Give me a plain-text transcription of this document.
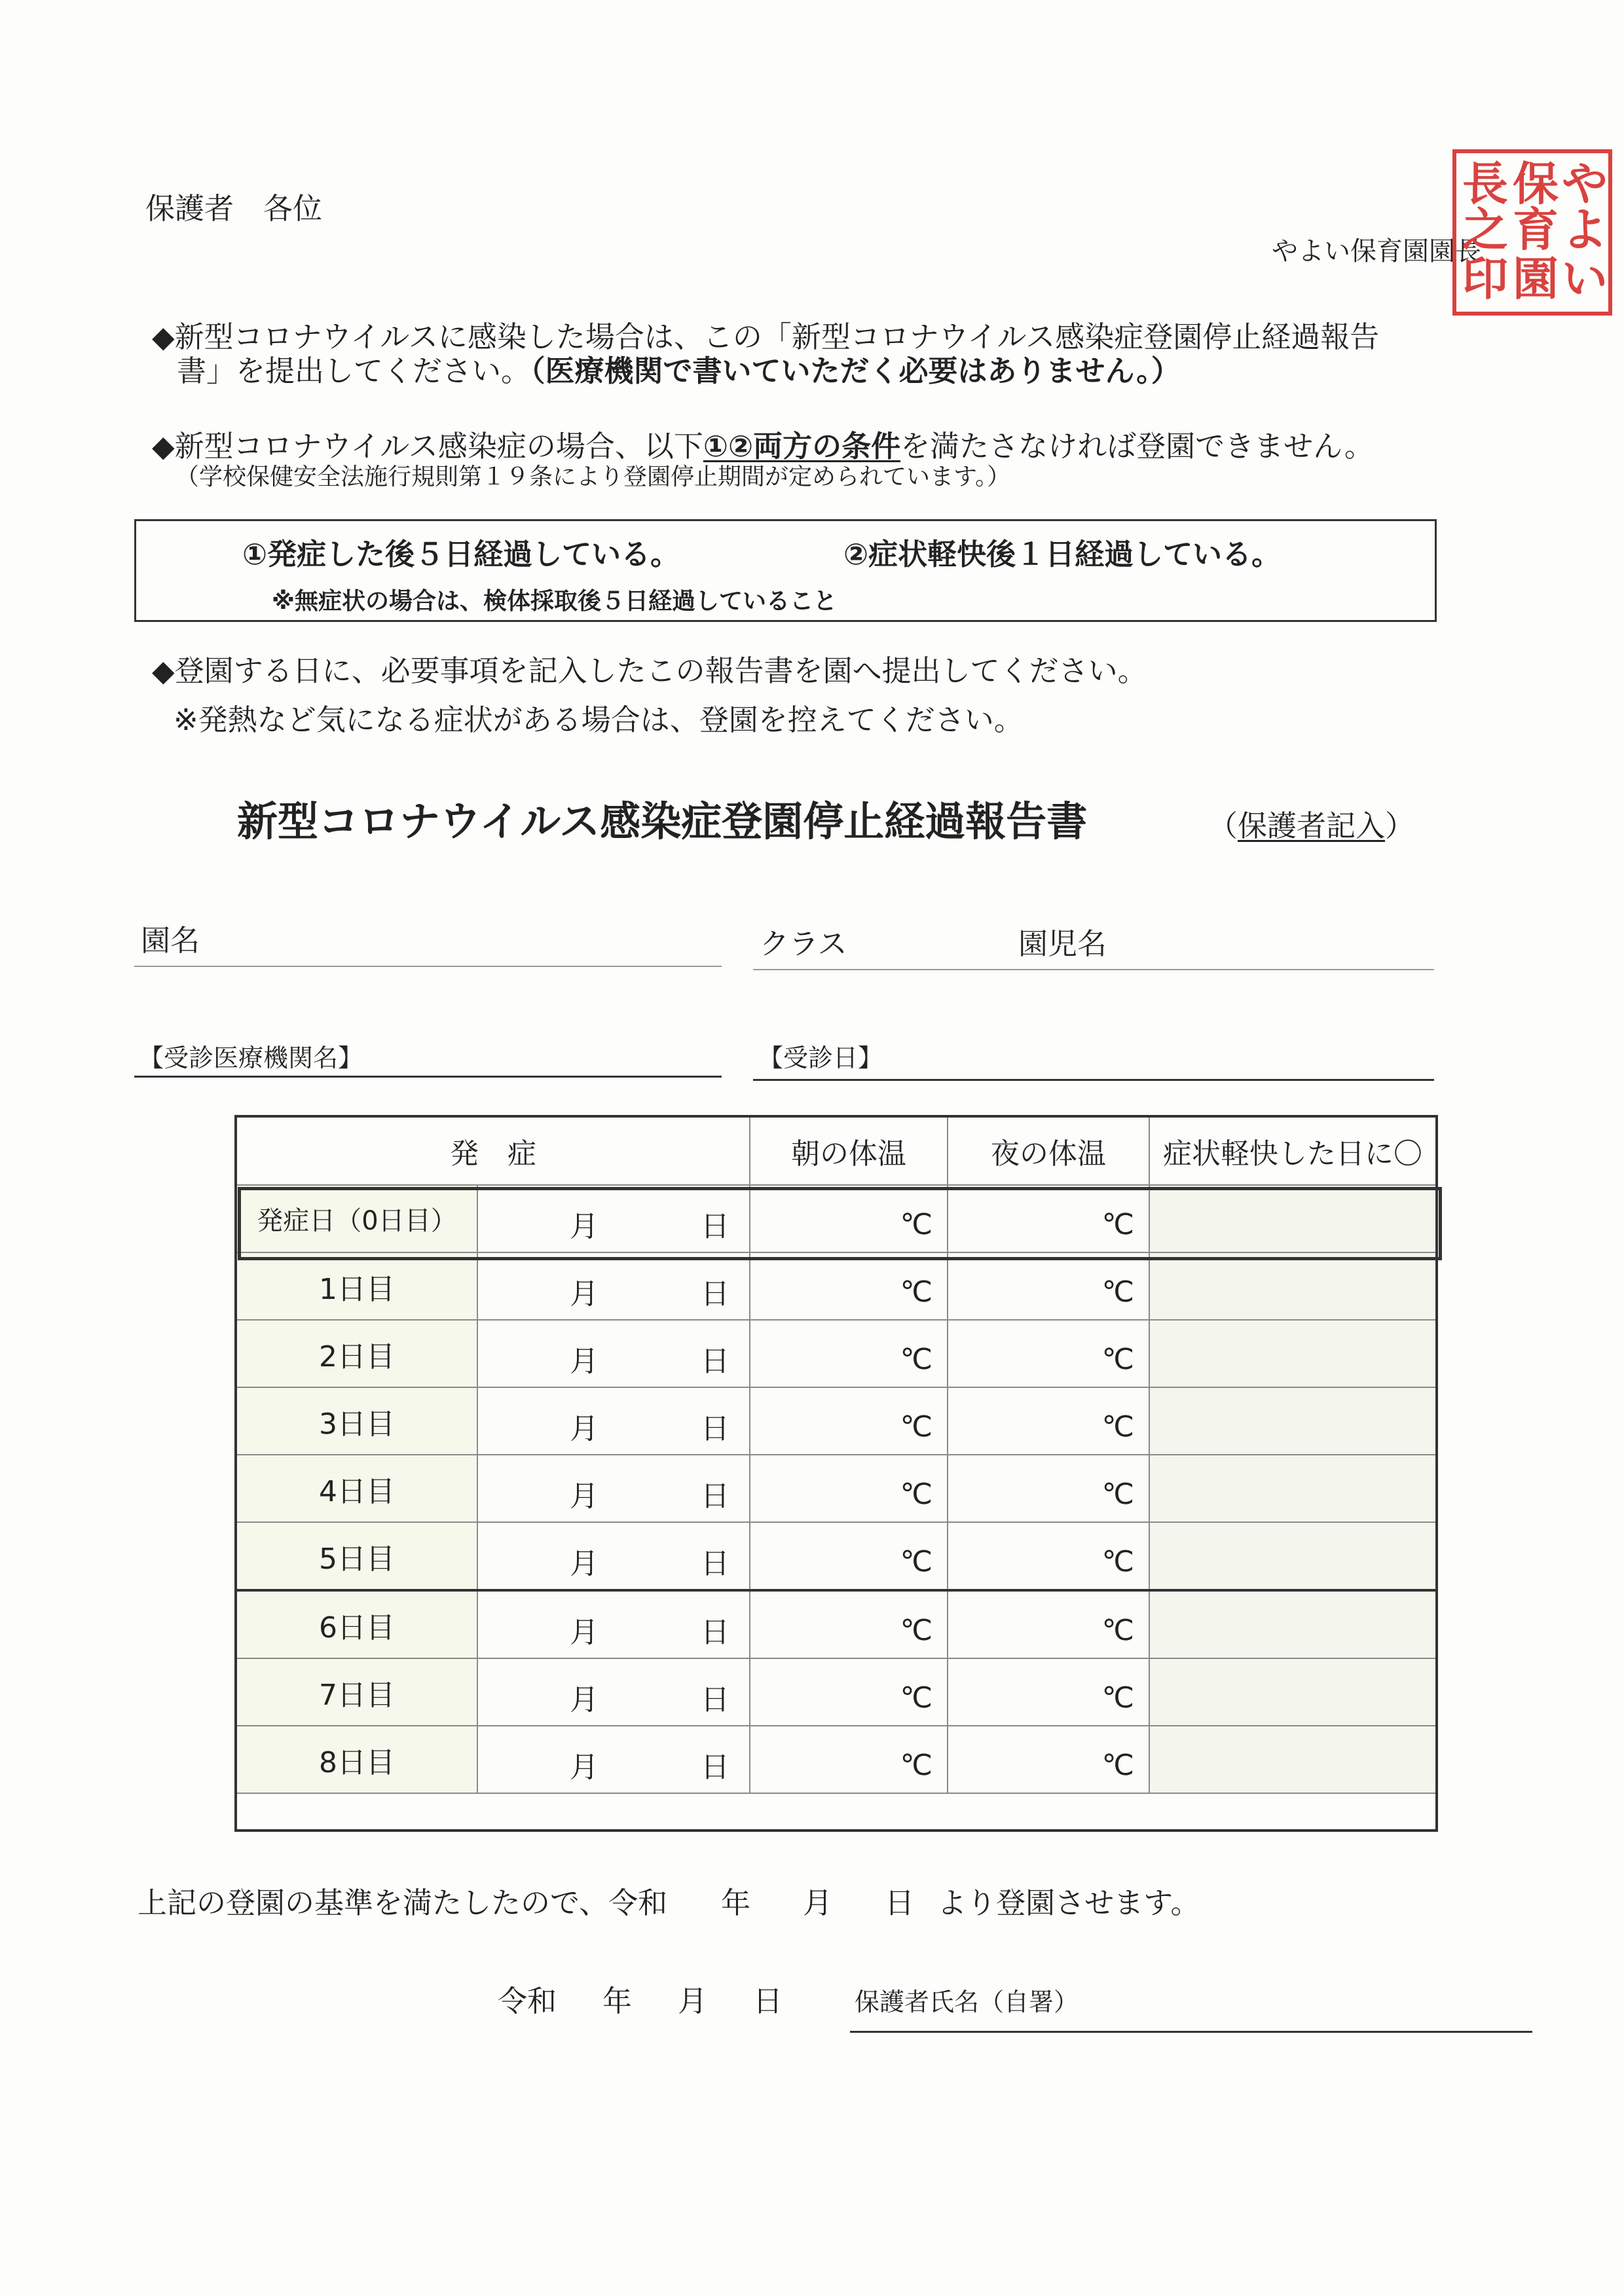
保護者　各位
やよい保育園園長
や
よ
い
保
育
園
長
之
印
◆新型コロナウイルスに感染した場合は、この「新型コロナウイルス感染症登園停止経過報告
書」を提出してください。（医療機関で書いていただく必要はありません。）
◆新型コロナウイルス感染症の場合、以下①②両方の条件を満たさなければ登園できません。
（学校保健安全法施行規則第１９条により登園停止期間が定められています。）
①発症した後５日経過している。	②症状軽快後１日経過している。
※無症状の場合は、検体採取後５日経過していること
◆登園する日に、必要事項を記入したこの報告書を園へ提出してください。
※発熱など気になる症状がある場合は、登園を控えてください。
新型コロナウイルス感染症登園停止経過報告書	（保護者記入）
園名	クラス	園児名
【受診医療機関名】	【受診日】
発　症		朝の体温	夜の体温	症状軽快した日に〇
発症日（0日目）	月 日	℃	℃	

1日目	月 日	℃	℃	

2日目	月 日	℃	℃	

3日目	月 日	℃	℃	

4日目	月 日	℃	℃	

5日目	月 日	℃	℃	

6日目	月 日	℃	℃	

7日目	月 日	℃	℃	

8日目	月 日	℃	℃	

上記の登園の基準を満たしたので、令和 年 月 日 より登園させます。
令和 年 月 日	保護者氏名（自署）
